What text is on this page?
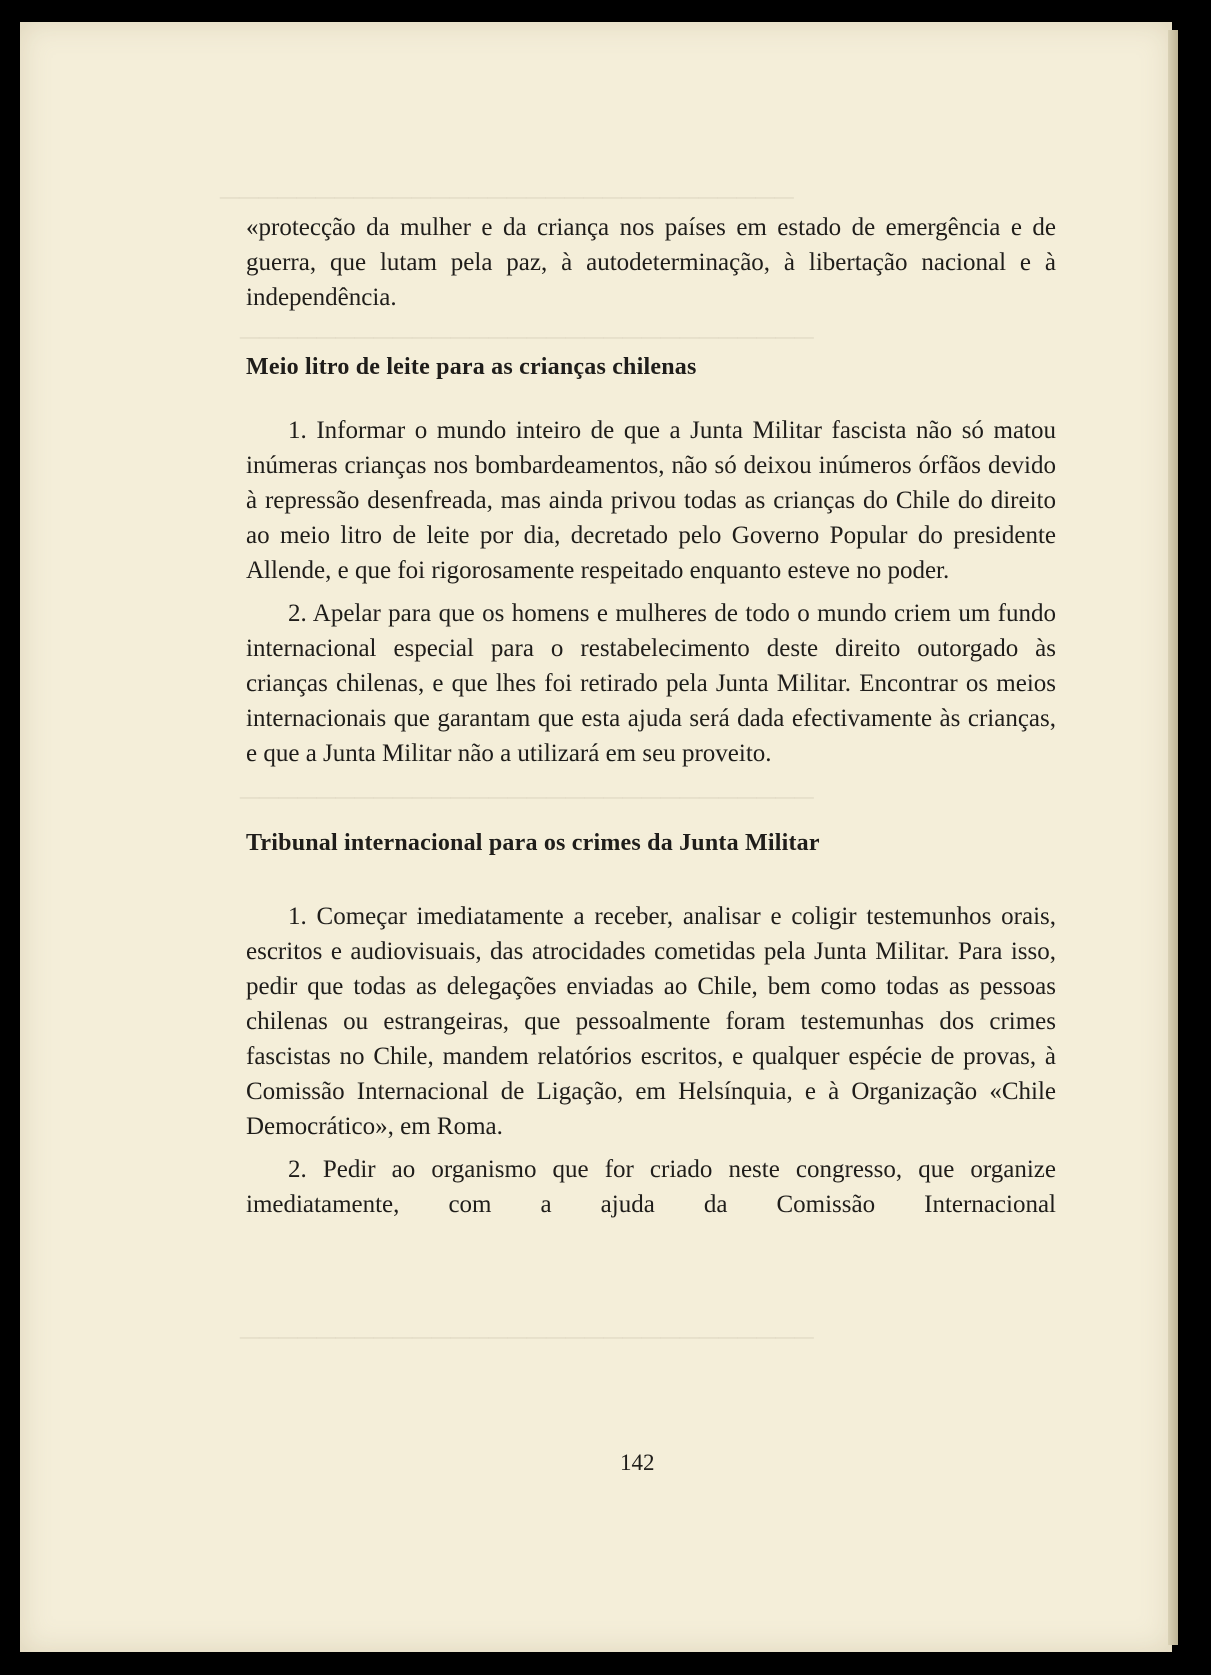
​──────────────────────────────
──────────────────────────────
──────────────────────────────
──────────────────────────────

«protecção da mulher e da criança nos países em estado de emergência e de guerra, que lutam pela paz, à autodeterminação, à libertação nacional e à independência.

Meio litro de leite para as crianças chilenas

1. Informar o mundo inteiro de que a Junta Militar fascista não só matou inúmeras crianças nos bombardeamentos, não só deixou inúmeros órfãos devido à repressão desenfreada, mas ainda privou todas as crianças do Chile do direito ao meio litro de leite por dia, decretado pelo Governo Popular do presidente Allende, e que foi rigorosamente respeitado enquanto esteve no poder.

2. Apelar para que os homens e mulheres de todo o mundo criem um fundo internacional especial para o restabelecimento deste direito outorgado às crianças chilenas, e que lhes foi retirado pela Junta Militar. Encontrar os meios internacionais que garantam que esta ajuda será dada efectivamente às crianças, e que a Junta Militar não a utilizará em seu proveito.

Tribunal internacional para os crimes da Junta Militar

1. Começar imediatamente a receber, analisar e coligir testemunhos orais, escritos e audiovisuais, das atrocidades cometidas pela Junta Militar. Para isso, pedir que todas as delegações enviadas ao Chile, bem como todas as pessoas chilenas ou estrangeiras, que pessoalmente foram testemunhas dos crimes fascistas no Chile, mandem relatórios escritos, e qualquer espécie de provas, à Comissão Internacional de Ligação, em Helsínquia, e à Organização «Chile Democrático», em Roma.

2. Pedir ao organismo que for criado neste congresso, que organize imediatamente, com a ajuda da Comissão Internacional

142
